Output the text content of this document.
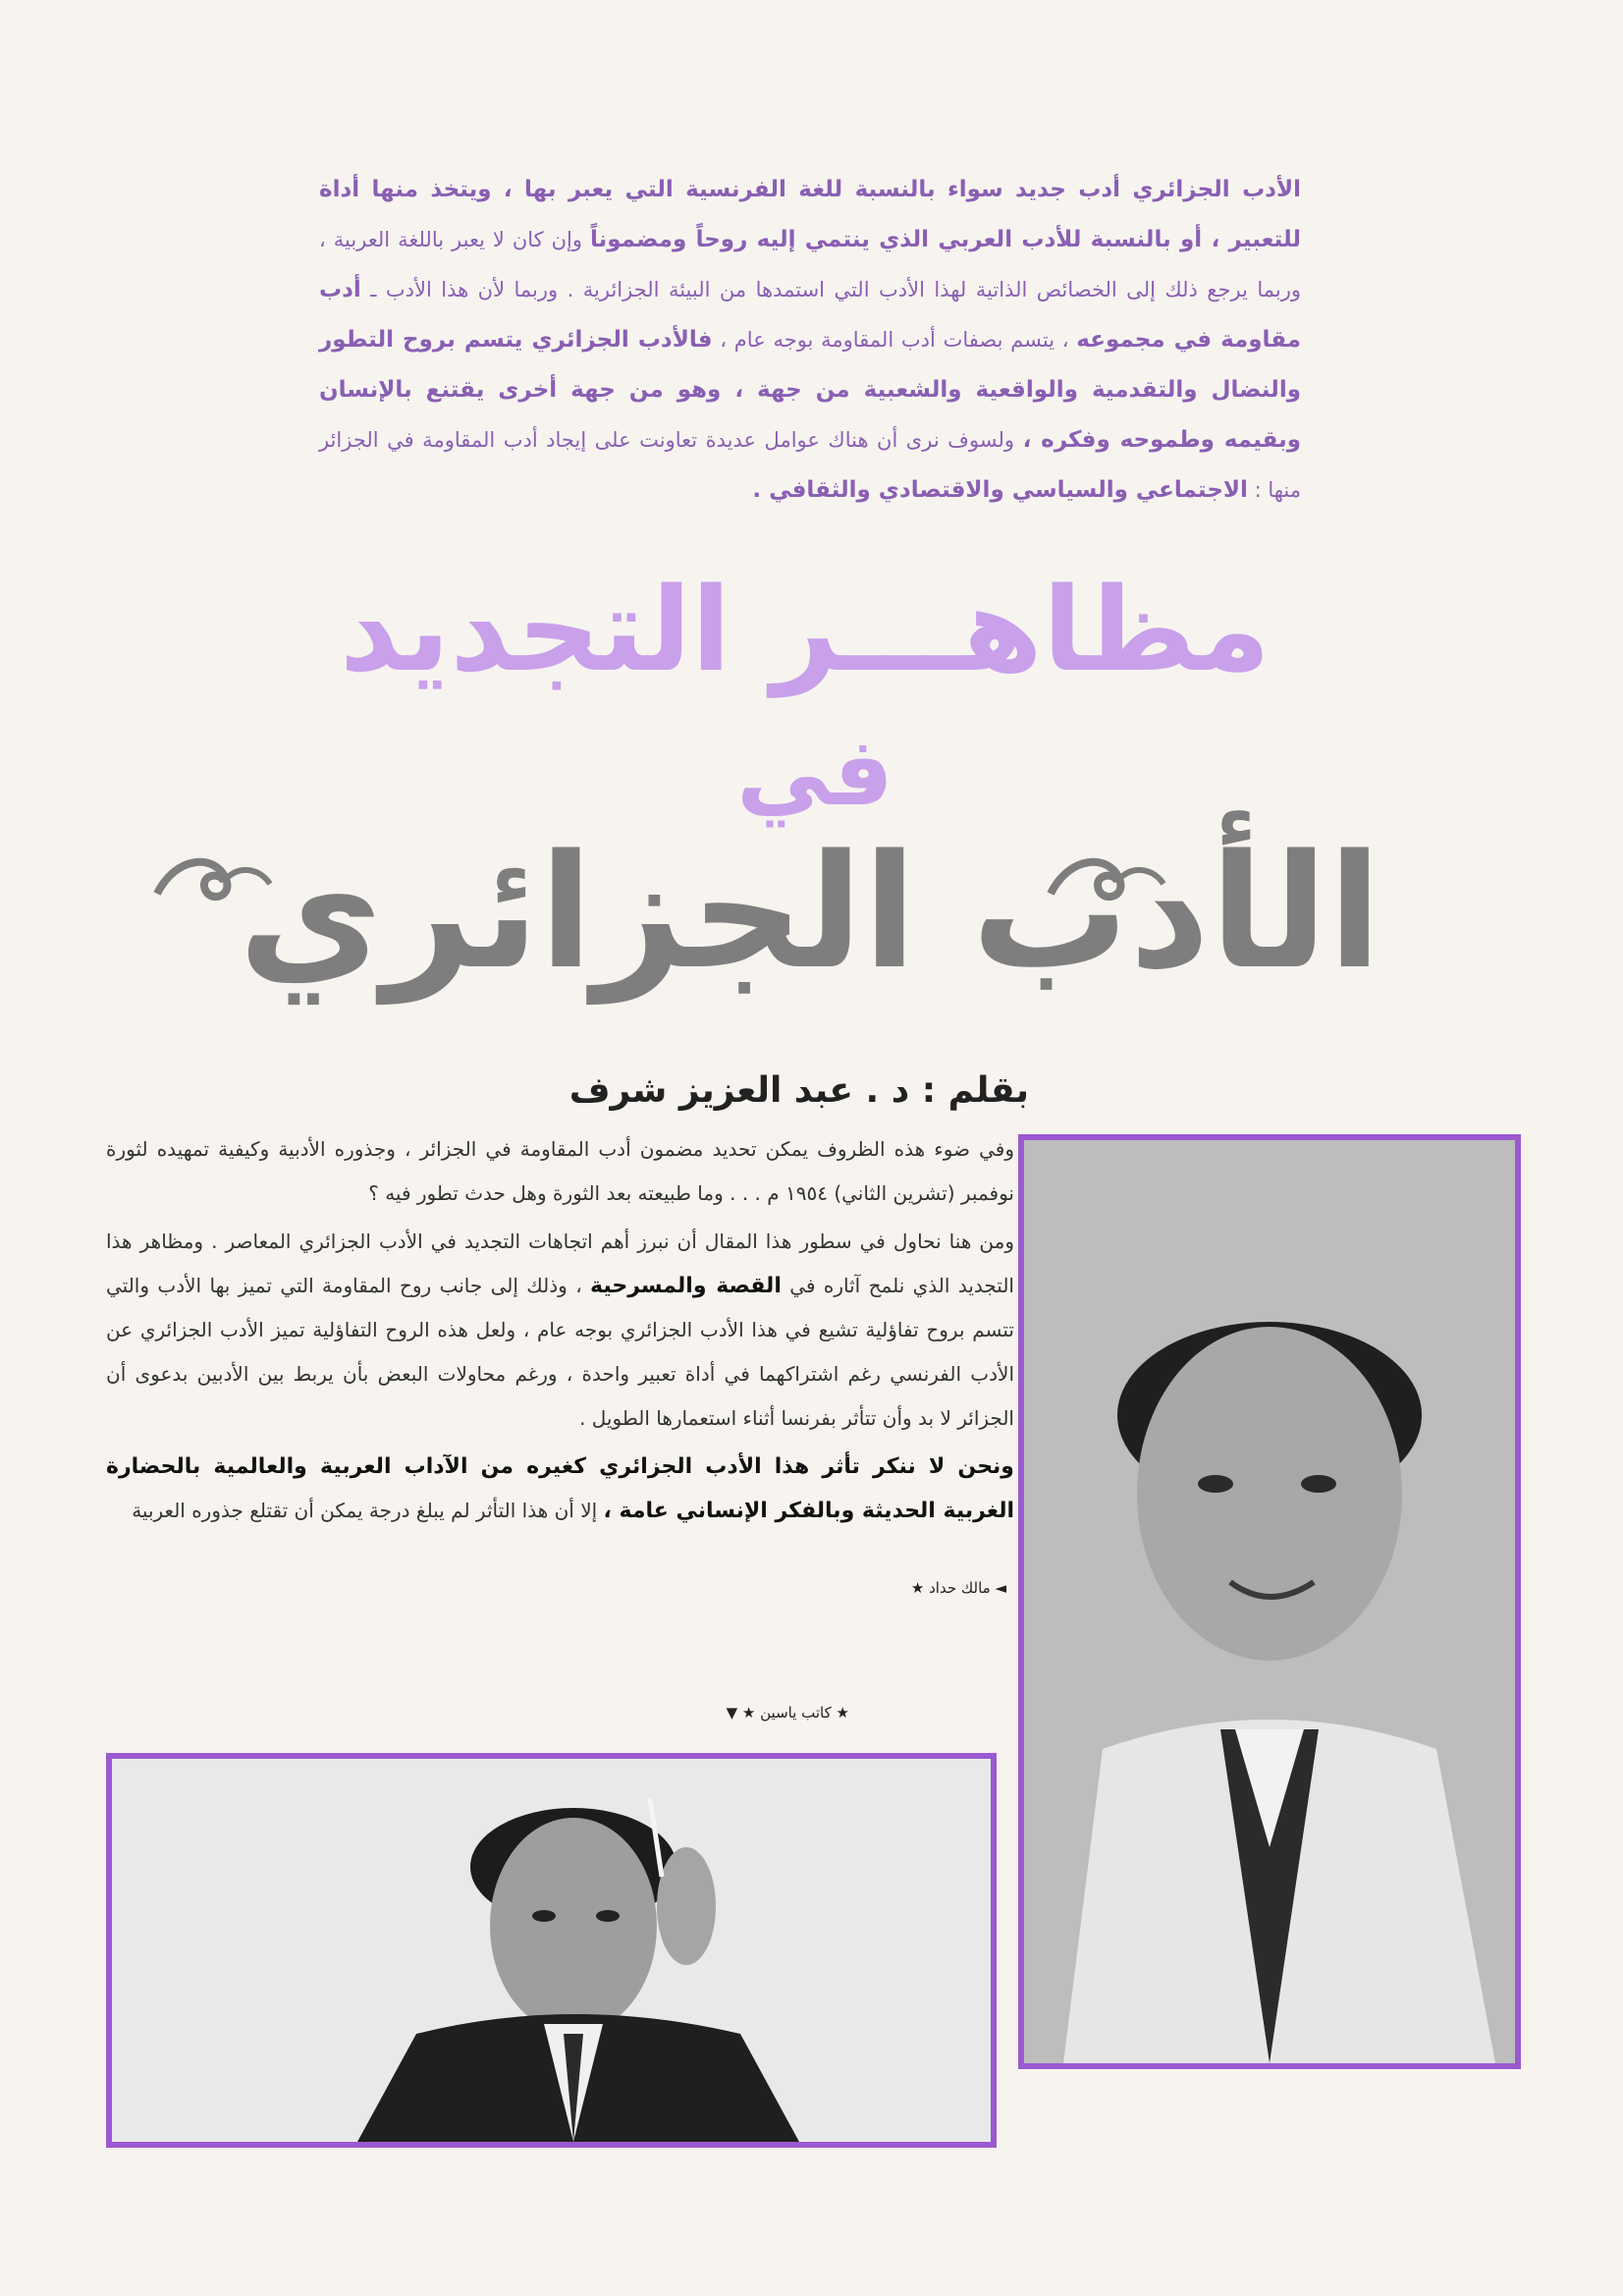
الأدب الجزائري أدب جديد سواء بالنسبة للغة الفرنسية التي يعبر بها ، ويتخذ منها أداة للتعبير ، أو بالنسبة للأدب العربي الذي ينتمي إليه روحاً ومضموناً وإن كان لا يعبر باللغة العربية ، وربما يرجع ذلك إلى الخصائص الذاتية لهذا الأدب التي استمدها من البيئة الجزائرية . وربما لأن هذا الأدب ـ أدب مقاومة في مجموعه ، يتسم بصفات أدب المقاومة بوجه عام ، فالأدب الجزائري يتسم بروح التطور والنضال والتقدمية والواقعية والشعبية من جهة ، وهو من جهة أخرى يقتنع بالإنسان وبقيمه وطموحه وفكره ، ولسوف نرى أن هناك عوامل عديدة تعاونت على إيجاد أدب المقاومة في الجزائر منها : الاجتماعي والسياسي والاقتصادي والثقافي .

مظاهـــر التجديد
في
الأدب الجزائري
بقلم : د . عبد العزيز شرف

وفي ضوء هذه الظروف يمكن تحديد مضمون أدب المقاومة في الجزائر ، وجذوره الأدبية وكيفية تمهيده لثورة نوفمبر (تشرين الثاني) ١٩٥٤ م . . . وما طبيعته بعد الثورة وهل حدث تطور فيه ؟

ومن هنا نحاول في سطور هذا المقال أن نبرز أهم اتجاهات التجديد في الأدب الجزائري المعاصر . ومظاهر هذا التجديد الذي نلمح آثاره في القصة والمسرحية ، وذلك إلى جانب روح المقاومة التي تميز بها الأدب والتي تتسم بروح تفاؤلية تشيع في هذا الأدب الجزائري بوجه عام ، ولعل هذه الروح التفاؤلية تميز الأدب الجزائري عن الأدب الفرنسي رغم اشتراكهما في أداة تعبير واحدة ، ورغم محاولات البعض بأن يربط بين الأدبين بدعوى أن الجزائر لا بد وأن تتأثر بفرنسا أثناء استعمارها الطويل .

ونحن لا ننكر تأثر هذا الأدب الجزائري كغيره من الآداب العربية والعالمية بالحضارة الغربية الحديثة وبالفكر الإنساني عامة ، إلا أن هذا التأثر لم يبلغ درجة يمكن أن تقتلع جذوره العربية

◄ مالك حداد ★
★ كاتب ياسين ★ ▼
